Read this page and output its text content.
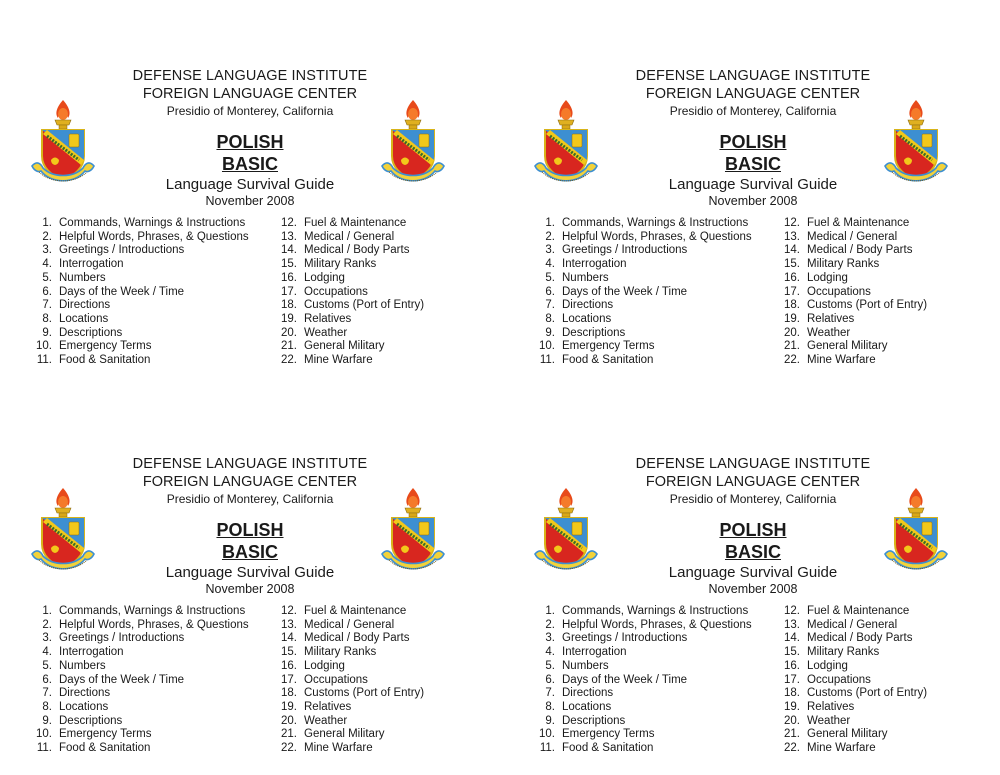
DEFENSE LANGUAGE INSTITUTE
FOREIGN LANGUAGE CENTER
Presidio of Monterey, California
POLISH
BASIC
Language Survival Guide
November 2008
1. Commands, Warnings & Instructions
2. Helpful Words, Phrases, & Questions
3. Greetings / Introductions
4. Interrogation
5. Numbers
6. Days of the Week / Time
7. Directions
8. Locations
9. Descriptions
10. Emergency Terms
11. Food & Sanitation
12. Fuel & Maintenance
13. Medical / General
14. Medical / Body Parts
15. Military Ranks
16. Lodging
17. Occupations
18. Customs (Port of Entry)
19. Relatives
20. Weather
21. General Military
22. Mine Warfare
DEFENSE LANGUAGE INSTITUTE
FOREIGN LANGUAGE CENTER
Presidio of Monterey, California
POLISH
BASIC
Language Survival Guide
November 2008
1. Commands, Warnings & Instructions
2. Helpful Words, Phrases, & Questions
3. Greetings / Introductions
4. Interrogation
5. Numbers
6. Days of the Week / Time
7. Directions
8. Locations
9. Descriptions
10. Emergency Terms
11. Food & Sanitation
12. Fuel & Maintenance
13. Medical / General
14. Medical / Body Parts
15. Military Ranks
16. Lodging
17. Occupations
18. Customs (Port of Entry)
19. Relatives
20. Weather
21. General Military
22. Mine Warfare
DEFENSE LANGUAGE INSTITUTE
FOREIGN LANGUAGE CENTER
Presidio of Monterey, California
POLISH
BASIC
Language Survival Guide
November 2008
1. Commands, Warnings & Instructions
2. Helpful Words, Phrases, & Questions
3. Greetings / Introductions
4. Interrogation
5. Numbers
6. Days of the Week / Time
7. Directions
8. Locations
9. Descriptions
10. Emergency Terms
11. Food & Sanitation
12. Fuel & Maintenance
13. Medical / General
14. Medical / Body Parts
15. Military Ranks
16. Lodging
17. Occupations
18. Customs (Port of Entry)
19. Relatives
20. Weather
21. General Military
22. Mine Warfare
DEFENSE LANGUAGE INSTITUTE
FOREIGN LANGUAGE CENTER
Presidio of Monterey, California
POLISH
BASIC
Language Survival Guide
November 2008
1. Commands, Warnings & Instructions
2. Helpful Words, Phrases, & Questions
3. Greetings / Introductions
4. Interrogation
5. Numbers
6. Days of the Week / Time
7. Directions
8. Locations
9. Descriptions
10. Emergency Terms
11. Food & Sanitation
12. Fuel & Maintenance
13. Medical / General
14. Medical / Body Parts
15. Military Ranks
16. Lodging
17. Occupations
18. Customs (Port of Entry)
19. Relatives
20. Weather
21. General Military
22. Mine Warfare
